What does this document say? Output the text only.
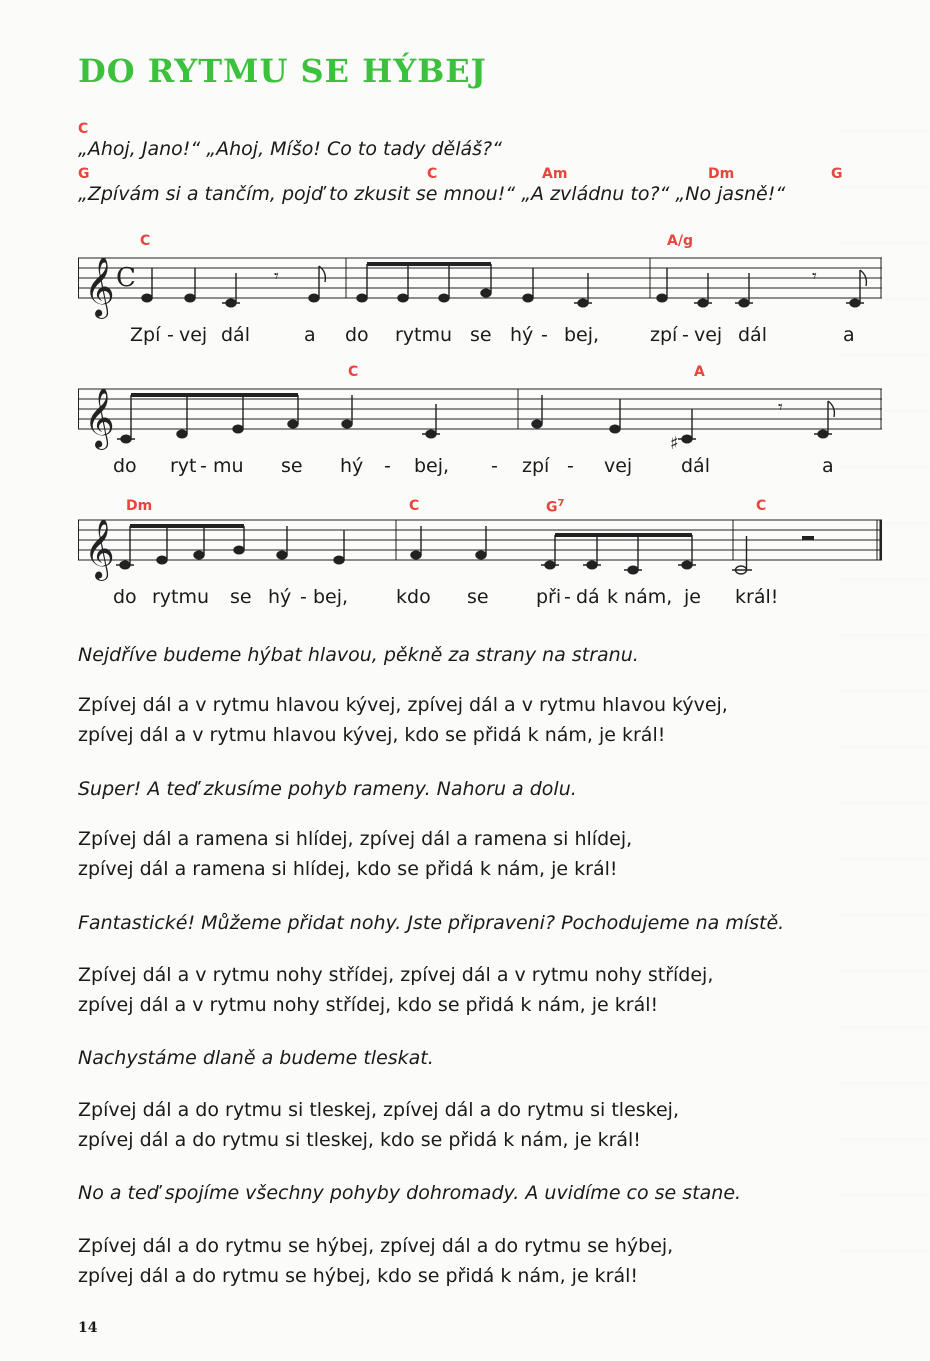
DO RYTMU SE HÝBEJ
C

„Ahoj, Jano!“ „Ahoj, Míšo! Co to tady děláš?“

G	C	Am	Dm	G

„Zpívám si a tančím, pojď to zkusit se mnou!“ „A zvládnu to?“ „No jasně!“

C	A/g
𝄞 C	𝄾	𝄾
Zpí - vej dál	a do rytmu se hý - bej,	zpí - vej dál	a
C	A
𝄞	♯
𝄾
do ryt - mu se hý - bej, - zpí - vej	dál	a
Dm	C	$G^7$	C
𝄞
do rytmu se hý - bej,	kdo se při - dá k nám, je král!

Nejdříve budeme hýbat hlavou, pěkně za strany na stranu.

Zpívej dál a v rytmu hlavou kývej, zpívej dál a v rytmu hlavou kývej,
zpívej dál a v rytmu hlavou kývej, kdo se přidá k nám, je král!

Super! A teď zkusíme pohyb rameny. Nahoru a dolu.

Zpívej dál a ramena si hlídej, zpívej dál a ramena si hlídej,
zpívej dál a ramena si hlídej, kdo se přidá k nám, je král!

Fantastické! Můžeme přidat nohy. Jste připraveni? Pochodujeme na místě.

Zpívej dál a v rytmu nohy střídej, zpívej dál a v rytmu nohy střídej,
zpívej dál a v rytmu nohy střídej, kdo se přidá k nám, je král!

Nachystáme dlaně a budeme tleskat.

Zpívej dál a do rytmu si tleskej, zpívej dál a do rytmu si tleskej,
zpívej dál a do rytmu si tleskej, kdo se přidá k nám, je král!

No a teď spojíme všechny pohyby dohromady. A uvidíme co se stane.

Zpívej dál a do rytmu se hýbej, zpívej dál a do rytmu se hýbej,
zpívej dál a do rytmu se hýbej, kdo se přidá k nám, je král!
14
